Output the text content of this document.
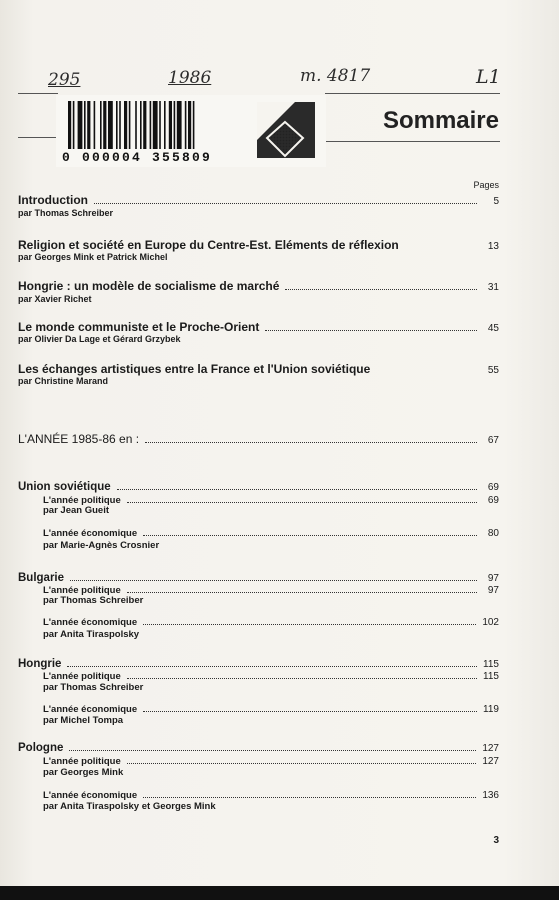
295	1986	m. 4817	L1
0 000004 355809
Sommaire
Pages
Introduction	5
par Thomas Schreiber
Religion et société en Europe du Centre-Est. Eléments de réflexion	13
par Georges Mink et Patrick Michel
Hongrie : un modèle de socialisme de marché	31
par Xavier Richet
Le monde communiste et le Proche-Orient	45
par Olivier Da Lage et Gérard Grzybek
Les échanges artistiques entre la France et l'Union soviétique	55
par Christine Marand
L'ANNÉE 1985-86 en :	67
Union soviétique	69
L'année politique	69
par Jean Gueit
L'année économique	80
par Marie-Agnès Crosnier
Bulgarie	97
L'année politique	97
par Thomas Schreiber
L'année économique	102
par Anita Tiraspolsky
Hongrie	115
L'année politique	115
par Thomas Schreiber
L'année économique	119
par Michel Tompa
Pologne	127
L'année politique	127
par Georges Mink
L'année économique	136
par Anita Tiraspolsky et Georges Mink
3
